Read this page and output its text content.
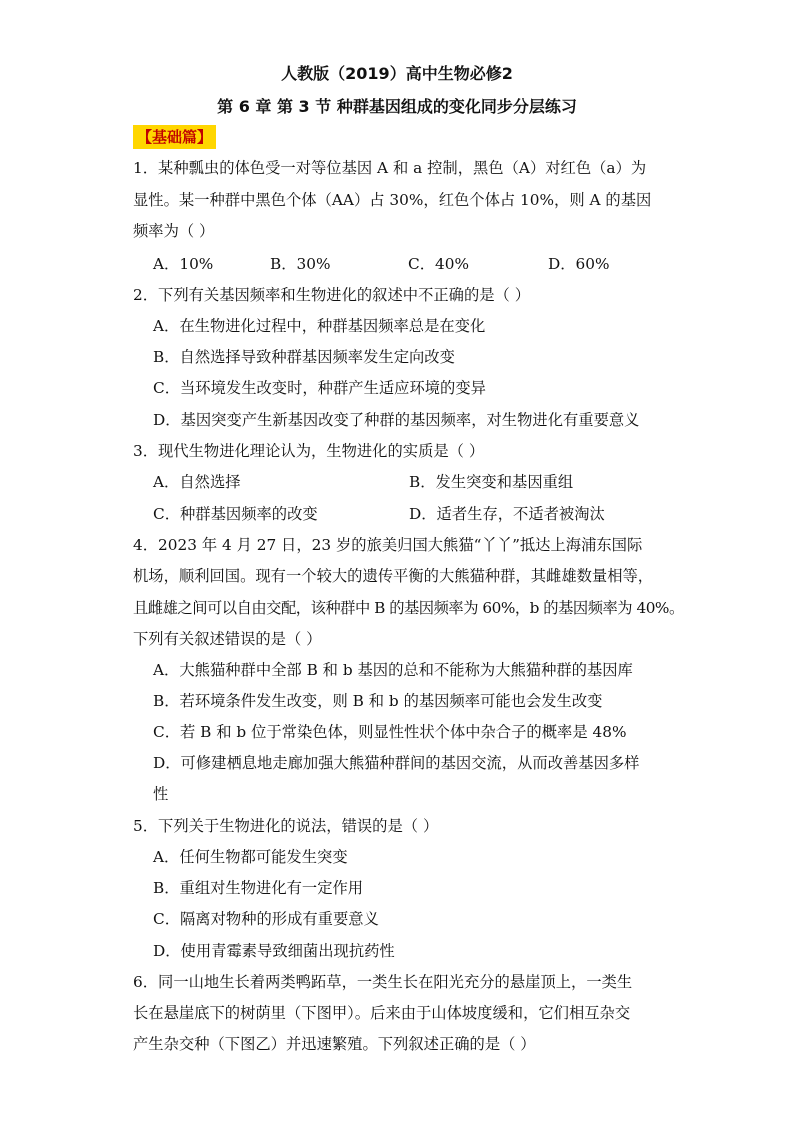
人教版（2019）高中生物必修2
第 6 章 第 3 节 种群基因组成的变化同步分层练习
【基础篇】
1．某种瓢虫的体色受一对等位基因 A 和 a 控制，黑色（A）对红色（a）为
显性。某一种群中黑色个体（AA）占 30%，红色个体占 10%，则 A 的基因
频率为（ ）
A．10%	B．30%	C．40%	D．60%
2．下列有关基因频率和生物进化的叙述中不正确的是（ ）
A．在生物进化过程中，种群基因频率总是在变化
B．自然选择导致种群基因频率发生定向改变
C．当环境发生改变时，种群产生适应环境的变异
D．基因突变产生新基因改变了种群的基因频率，对生物进化有重要意义
3．现代生物进化理论认为，生物进化的实质是（ ）
A．自然选择	B．发生突变和基因重组
C．种群基因频率的改变	D．适者生存，不适者被淘汰
4．2023 年 4 月 27 日，23 岁的旅美归国大熊猫“丫丫”抵达上海浦东国际
机场，顺利回国。现有一个较大的遗传平衡的大熊猫种群，其雌雄数量相等，
且雌雄之间可以自由交配，该种群中 B 的基因频率为 60%，b 的基因频率为 40%。
下列有关叙述错误的是（ ）
A．大熊猫种群中全部 B 和 b 基因的总和不能称为大熊猫种群的基因库
B．若环境条件发生改变，则 B 和 b 的基因频率可能也会发生改变
C．若 B 和 b 位于常染色体，则显性性状个体中杂合子的概率是 48%
D．可修建栖息地走廊加强大熊猫种群间的基因交流，从而改善基因多样
性
5．下列关于生物进化的说法，错误的是（ ）
A．任何生物都可能发生突变
B．重组对生物进化有一定作用
C．隔离对物种的形成有重要意义
D．使用青霉素导致细菌出现抗药性
6．同一山地生长着两类鸭跖草，一类生长在阳光充分的悬崖顶上，一类生
长在悬崖底下的树荫里（下图甲）。后来由于山体坡度缓和，它们相互杂交
产生杂交种（下图乙）并迅速繁殖。下列叙述正确的是（ ）
